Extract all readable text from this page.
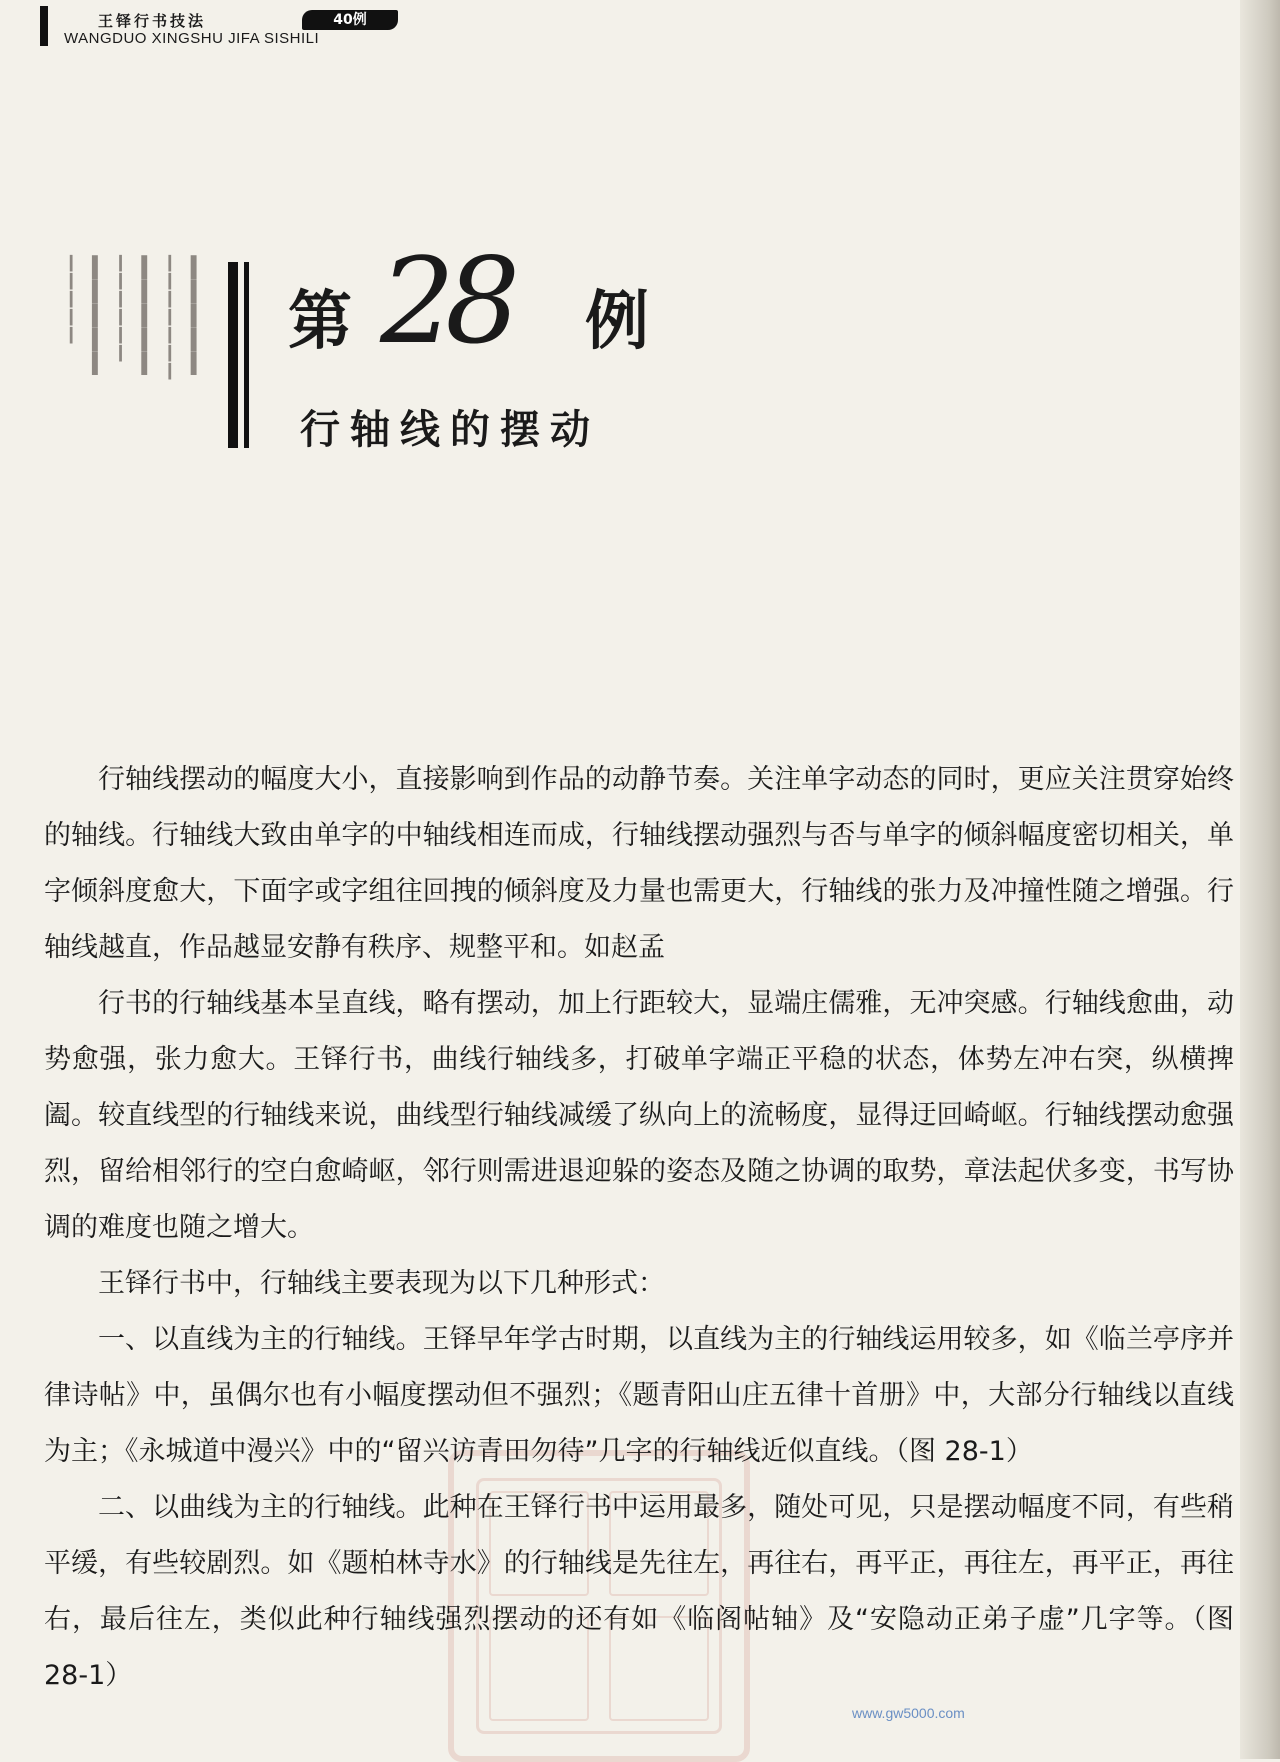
王铎行书技法	40例
WANGDUO XINGSHU JIFA SISHILI
▍▍▍▍▍
▎▎▎▎▎▎▎
▍▍▍▍▍
▎▎▎▎▎▎
▍▍▍▍▍
▎▎▎▎▎	第 28 例
行轴线的摆动

行轴线摆动的幅度大小，直接影响到作品的动静节奏。关注单字动态的同时，更应关注贯穿始终的轴线。行轴线大致由单字的中轴线相连而成，行轴线摆动强烈与否与单字的倾斜幅度密切相关，单字倾斜度愈大，下面字或字组往回拽的倾斜度及力量也需更大，行轴线的张力及冲撞性随之增强。行轴线越直，作品越显安静有秩序、规整平和。如赵孟

行书的行轴线基本呈直线，略有摆动，加上行距较大，显端庄儒雅，无冲突感。行轴线愈曲，动势愈强，张力愈大。王铎行书，曲线行轴线多，打破单字端正平稳的状态，体势左冲右突，纵横捭阖。较直线型的行轴线来说，曲线型行轴线减缓了纵向上的流畅度，显得迂回崎岖。行轴线摆动愈强烈，留给相邻行的空白愈崎岖，邻行则需进退迎躲的姿态及随之协调的取势，章法起伏多变，书写协调的难度也随之增大。

王铎行书中，行轴线主要表现为以下几种形式：

一、以直线为主的行轴线。王铎早年学古时期，以直线为主的行轴线运用较多，如《临兰亭序并律诗帖》中，虽偶尔也有小幅度摆动但不强烈；《题青阳山庄五律十首册》中，大部分行轴线以直线为主；《永城道中漫兴》中的“留兴访青田勿待”几字的行轴线近似直线。（图 28-1）

二、以曲线为主的行轴线。此种在王铎行书中运用最多，随处可见，只是摆动幅度不同，有些稍平缓，有些较剧烈。如《题柏林寺水》的行轴线是先往左，再往右，再平正，再往左，再平正，再往右，最后往左，类似此种行轴线强烈摆动的还有如《临阁帖轴》及“安隐动正弟子虚”几字等。（图 28-1）

www.gw5000.com
